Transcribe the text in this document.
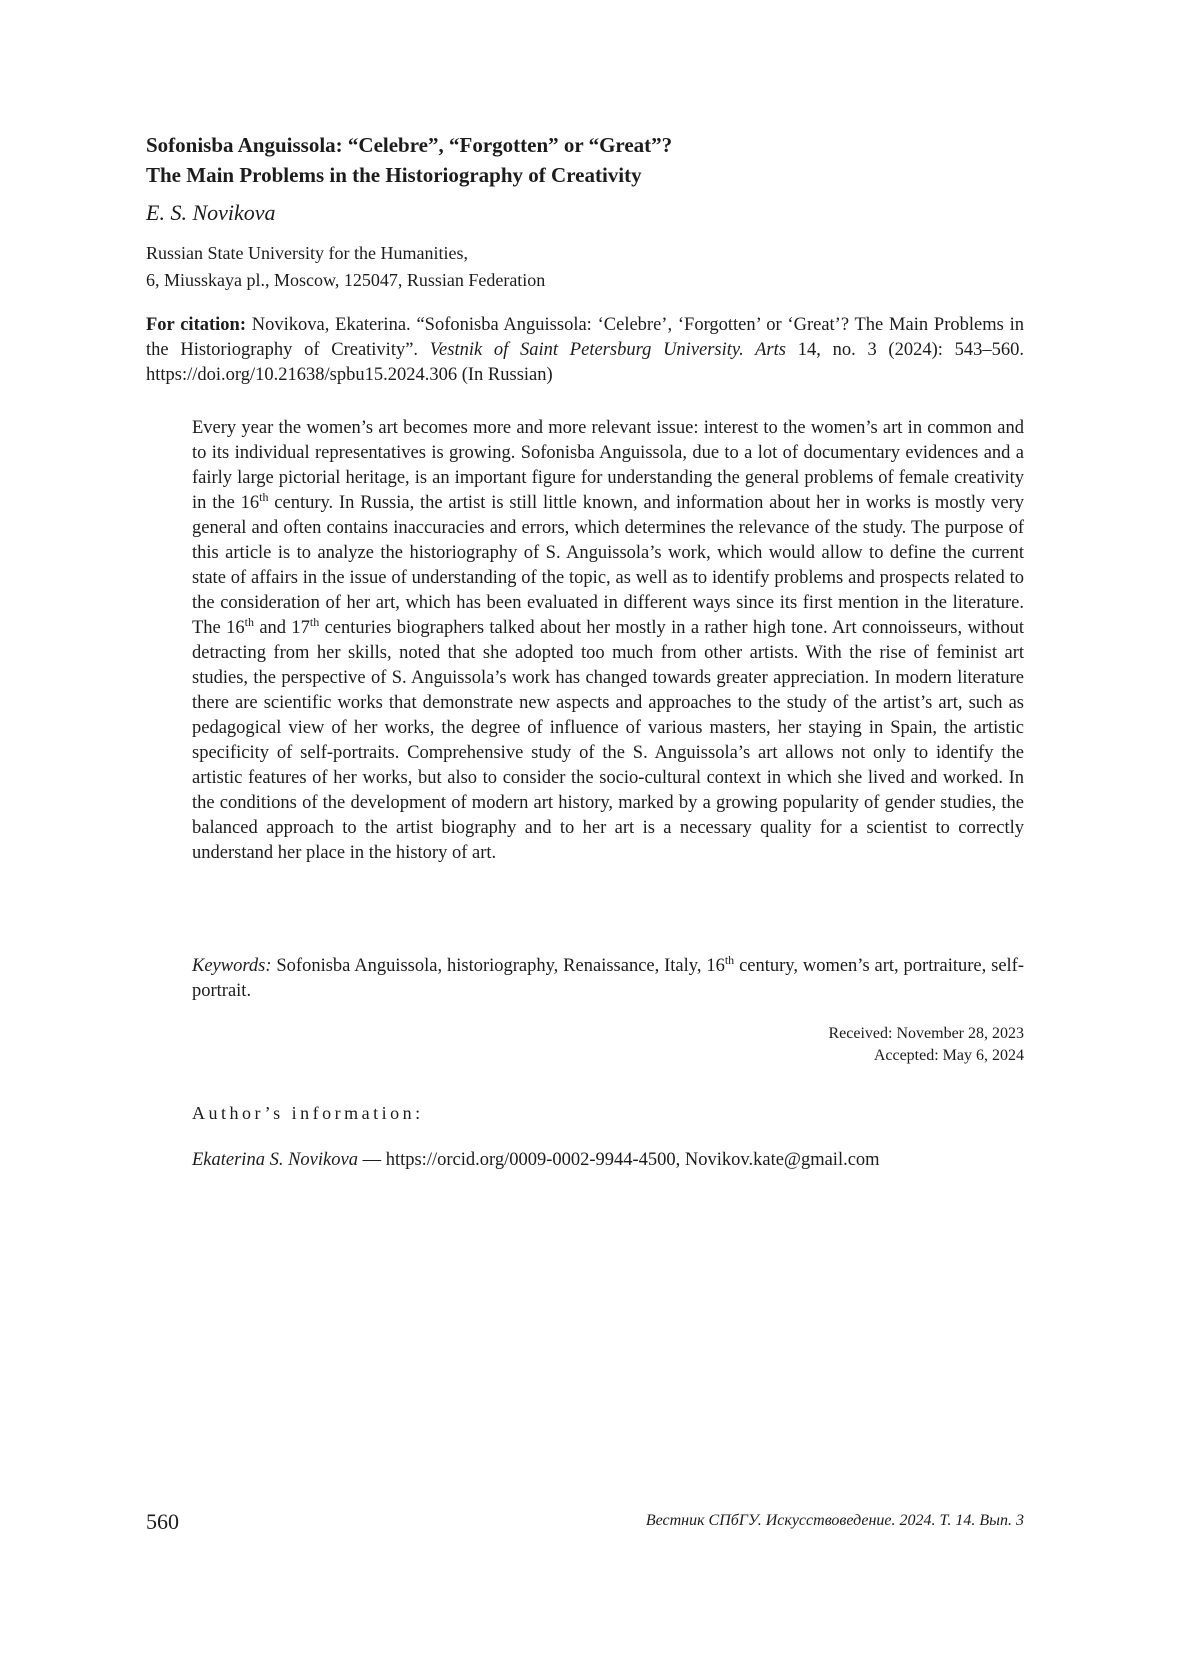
Sofonisba Anguissola: “Celebre”, “Forgotten” or “Great”?
The Main Problems in the Historiography of Creativity
E. S. Novikova
Russian State University for the Humanities,
6, Miusskaya pl., Moscow, 125047, Russian Federation
For citation: Novikova, Ekaterina. “Sofonisba Anguissola: ‘Celebre’, ‘Forgotten’ or ‘Great’? The Main Problems in the Historiography of Creativity”. Vestnik of Saint Petersburg University. Arts 14, no. 3 (2024): 543–560. https://doi.org/10.21638/spbu15.2024.306 (In Russian)

Every year the women’s art becomes more and more relevant issue: interest to the women’s art in common and to its individual representatives is growing. Sofonisba Anguissola, due to a lot of documentary evidences and a fairly large pictorial heritage, is an important figure for understanding the general problems of female creativity in the 16th century. In Russia, the artist is still little known, and information about her in works is mostly very general and often contains inaccuracies and errors, which determines the relevance of the study. The purpose of this article is to analyze the historiography of S. Anguissola’s work, which would allow to define the current state of affairs in the issue of understanding of the topic, as well as to identify problems and prospects related to the consideration of her art, which has been evaluated in different ways since its first mention in the literature. The 16th and 17th centuries biographers talked about her mostly in a rather high tone. Art connoisseurs, without detracting from her skills, noted that she adopted too much from other artists. With the rise of feminist art studies, the perspective of S. Anguissola’s work has changed towards greater appreciation. In modern literature there are scientific works that demonstrate new aspects and approaches to the study of the artist’s art, such as pedagogical view of her works, the degree of influence of various masters, her staying in Spain, the artistic specificity of self-portraits. Comprehensive study of the S. Anguissola’s art allows not only to identify the artistic features of her works, but also to consider the socio-cultural context in which she lived and worked. In the conditions of the development of modern art history, marked by a growing popularity of gender studies, the balanced approach to the artist biography and to her art is a necessary quality for a scientist to correctly understand her place in the history of art.

Keywords: Sofonisba Anguissola, historiography, Renaissance, Italy, 16th century, women’s art, portraiture, self-portrait.

Received: November 28, 2023
Accepted: May 6, 2024
Author’s information:
Ekaterina S. Novikova — https://orcid.org/0009-0002-9944-4500, Novikov.kate@gmail.com
560	Вестник СПбГУ. Искусствоведение. 2024. Т. 14. Вып. 3
